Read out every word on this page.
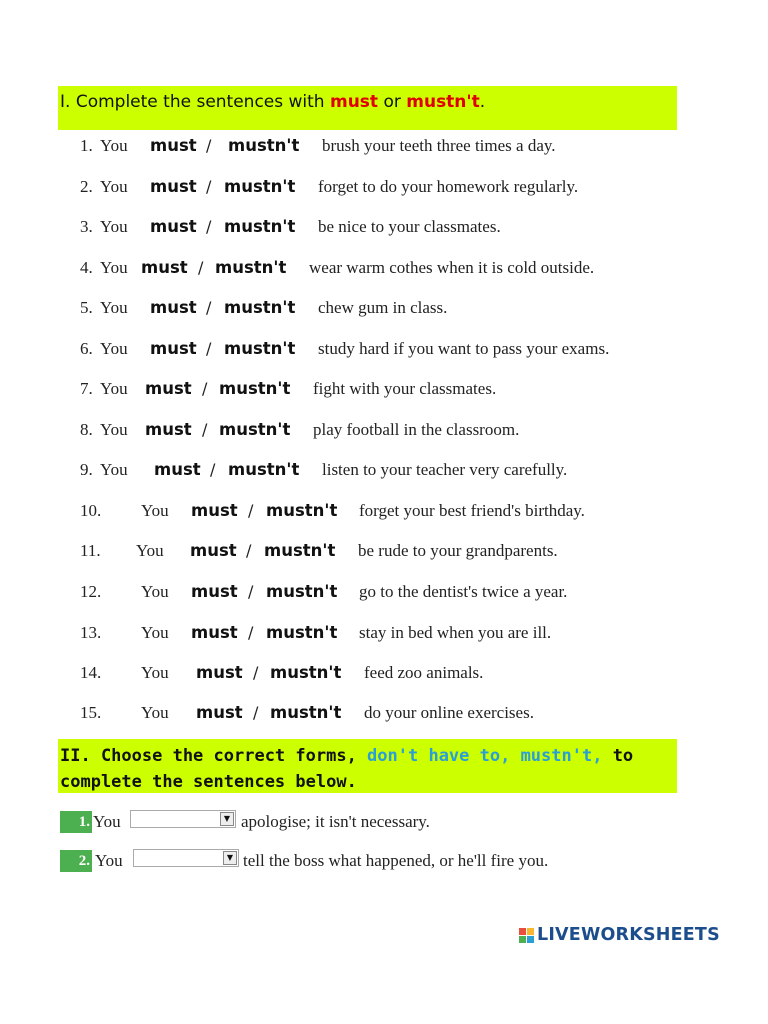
I. Complete the sentences with must or mustn't.
1. You must / mustn't brush your teeth three times a day.
2. You must / mustn't forget to do your homework regularly.
3. You must / mustn't be nice to your classmates.
4. You must / mustn't wear warm cothes when it is cold outside.
5. You must / mustn't chew gum in class.
6. You must / mustn't study hard if you want to pass your exams.
7. You must / mustn't fight with your classmates.
8. You must / mustn't play football in the classroom.
9. You must / mustn't listen to your teacher very carefully.
10. You must / mustn't forget your best friend's birthday.
11. You must / mustn't be rude to your grandparents.
12. You must / mustn't go to the dentist's twice a year.
13. You must / mustn't stay in bed when you are ill.
14. You must / mustn't feed zoo animals.
15. You must / mustn't do your online exercises.
II. Choose the correct forms, don't have to, mustn't, to complete the sentences below.
1. You	▼ apologise; it isn't necessary.
2. You	▼ tell the boss what happened, or he'll fire you.
LIVEWORKSHEETS
